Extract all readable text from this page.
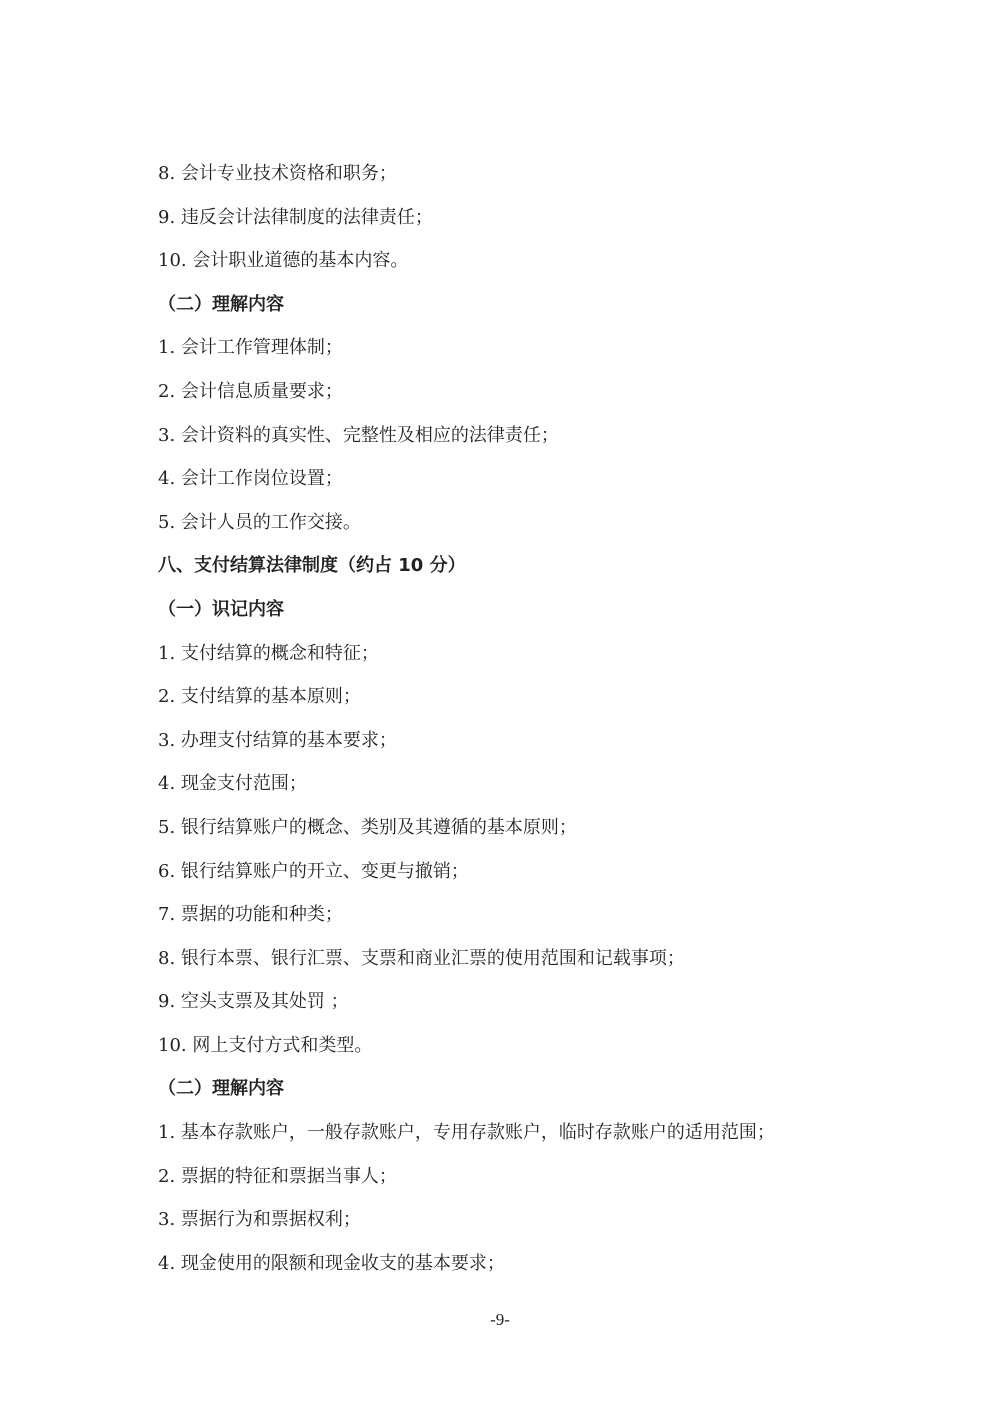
8. 会计专业技术资格和职务；
9. 违反会计法律制度的法律责任；
10. 会计职业道德的基本内容。
（二）理解内容
1. 会计工作管理体制；
2. 会计信息质量要求；
3. 会计资料的真实性、完整性及相应的法律责任；
4. 会计工作岗位设置；
5. 会计人员的工作交接。
八、支付结算法律制度（约占 10 分）
（一）识记内容
1. 支付结算的概念和特征；
2. 支付结算的基本原则；
3. 办理支付结算的基本要求；
4. 现金支付范围；
5. 银行结算账户的概念、类别及其遵循的基本原则；
6. 银行结算账户的开立、变更与撤销；
7. 票据的功能和种类；
8. 银行本票、银行汇票、支票和商业汇票的使用范围和记载事项；
9. 空头支票及其处罚 ；
10. 网上支付方式和类型。
（二）理解内容
1. 基本存款账户，一般存款账户，专用存款账户，临时存款账户的适用范围；
2. 票据的特征和票据当事人；
3. 票据行为和票据权利；
4. 现金使用的限额和现金收支的基本要求；
-9-
